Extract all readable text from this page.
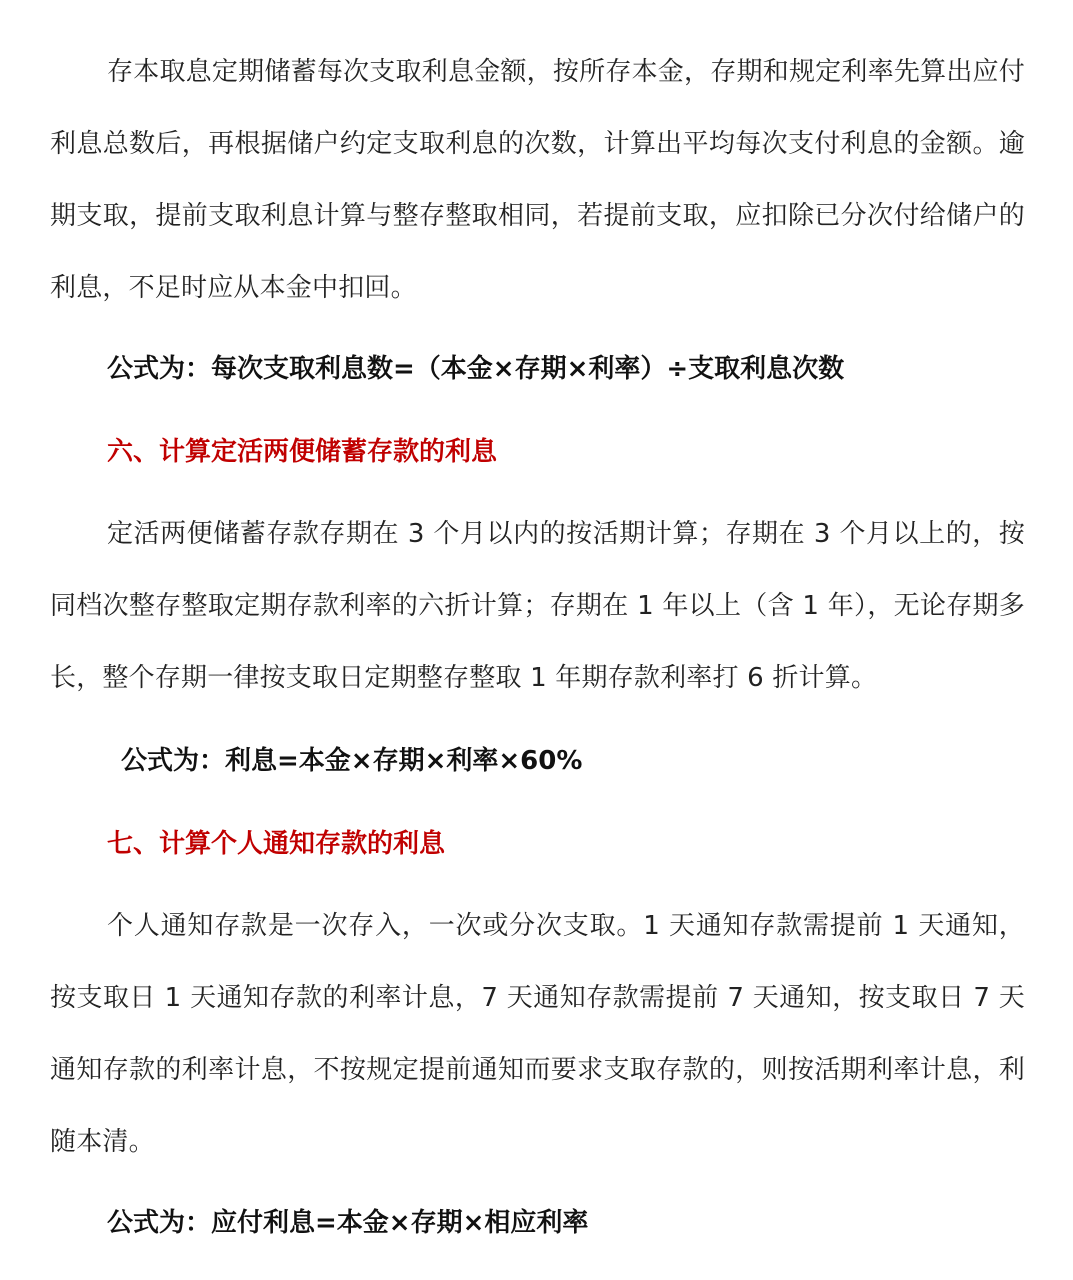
存本取息定期储蓄每次支取利息金额，按所存本金，存期和规定利率先算出应付利息总数后，再根据储户约定支取利息的次数，计算出平均每次支付利息的金额。逾期支取，提前支取利息计算与整存整取相同，若提前支取，应扣除已分次付给储户的利息，不足时应从本金中扣回。

公式为：每次支取利息数=（本金×存期×利率）÷支取利息次数

六、计算定活两便储蓄存款的利息

定活两便储蓄存款存期在 3 个月以内的按活期计算；存期在 3 个月以上的，按同档次整存整取定期存款利率的六折计算；存期在 1 年以上（含 1 年），无论存期多长，整个存期一律按支取日定期整存整取 1 年期存款利率打 6 折计算。

公式为：利息=本金×存期×利率×60%

七、计算个人通知存款的利息

个人通知存款是一次存入，一次或分次支取。1 天通知存款需提前 1 天通知，按支取日 1 天通知存款的利率计息，7 天通知存款需提前 7 天通知，按支取日 7 天通知存款的利率计息，不按规定提前通知而要求支取存款的，则按活期利率计息，利随本清。

公式为：应付利息=本金×存期×相应利率
